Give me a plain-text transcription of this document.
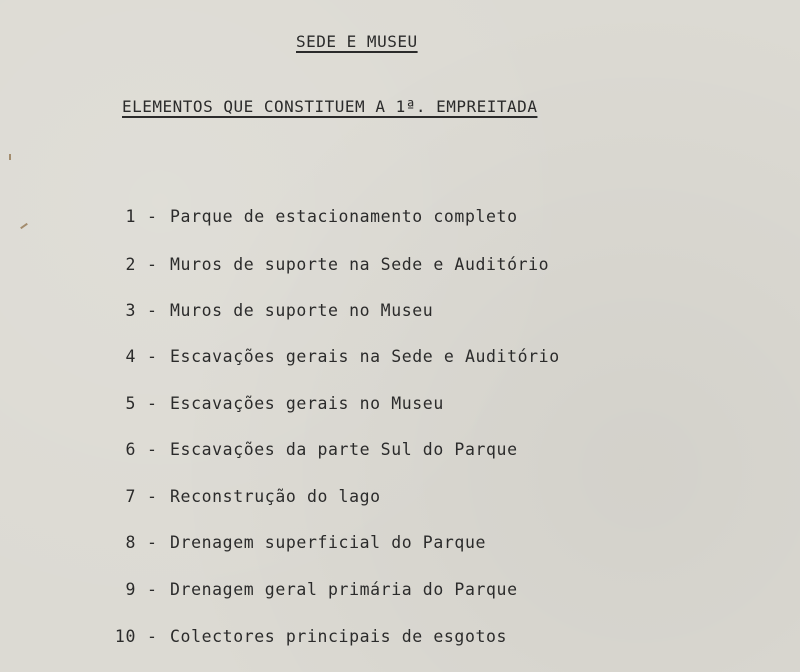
SEDE E MUSEU
ELEMENTOS QUE CONSTITUEM A 1ª. EMPREITADA
1 - Parque de estacionamento completo
2 - Muros de suporte na Sede e Auditório
3 - Muros de suporte no Museu
4 - Escavações gerais na Sede e Auditório
5 - Escavações gerais no Museu
6 - Escavações da parte Sul do Parque
7 - Reconstrução do lago
8 - Drenagem superficial do Parque
9 - Drenagem geral primária do Parque
10 - Colectores principais de esgotos
